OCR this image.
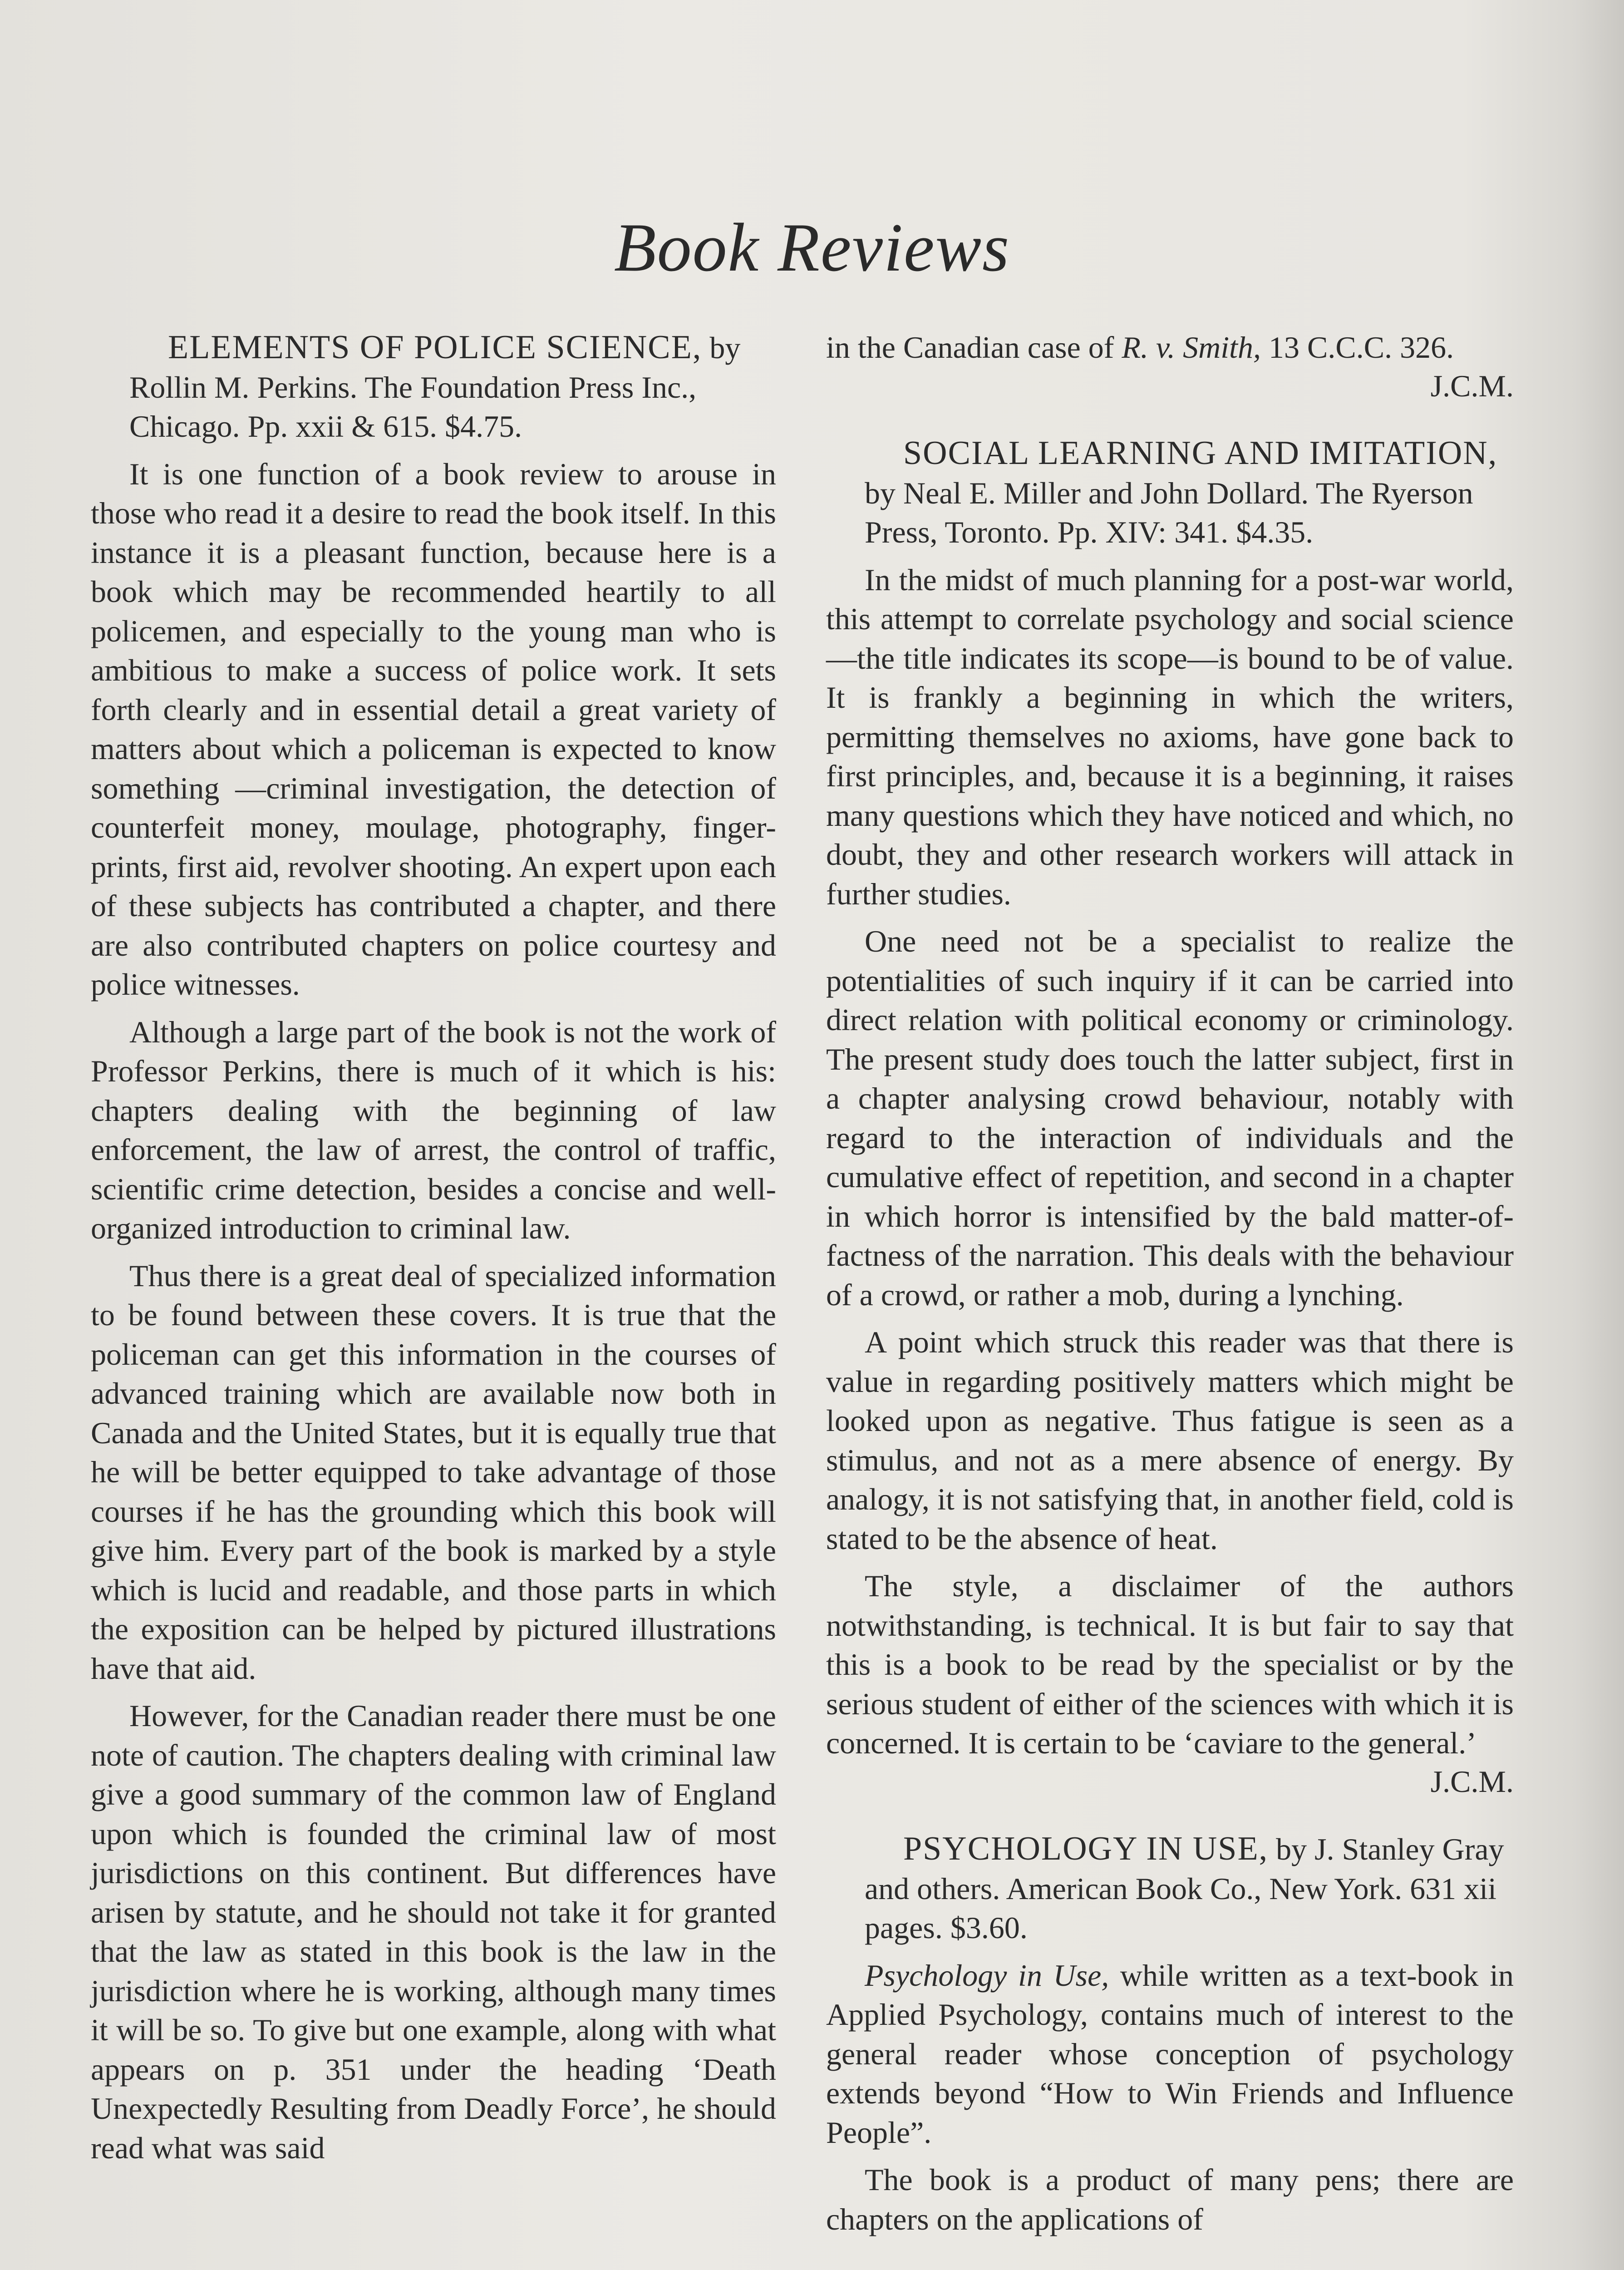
Book Reviews

ELEMENTS OF POLICE SCIENCE, by Rollin M. Perkins. The Foundation Press Inc., Chicago. Pp. xxii & 615. $4.75.

It is one function of a book review to arouse in those who read it a desire to read the book itself. In this instance it is a pleasant function, because here is a book which may be recommended heartily to all policemen, and especially to the young man who is ambitious to make a success of police work. It sets forth clearly and in essential detail a great variety of matters about which a policeman is expected to know something —criminal investigation, the detection of counterfeit money, moulage, photography, finger-prints, first aid, revolver shooting. An expert upon each of these subjects has contributed a chapter, and there are also contributed chapters on police courtesy and police witnesses.

Although a large part of the book is not the work of Professor Perkins, there is much of it which is his: chapters dealing with the beginning of law enforcement, the law of arrest, the control of traffic, scientific crime detection, besides a concise and well-organized introduction to criminal law.

Thus there is a great deal of specialized information to be found between these covers. It is true that the policeman can get this information in the courses of advanced training which are available now both in Canada and the United States, but it is equally true that he will be better equipped to take advantage of those courses if he has the grounding which this book will give him. Every part of the book is marked by a style which is lucid and readable, and those parts in which the exposition can be helped by pictured illustrations have that aid.

However, for the Canadian reader there must be one note of caution. The chapters dealing with criminal law give a good summary of the common law of England upon which is founded the criminal law of most jurisdictions on this continent. But differences have arisen by statute, and he should not take it for granted that the law as stated in this book is the law in the jurisdiction where he is working, although many times it will be so. To give but one example, along with what appears on p. 351 under the heading ‘Death Unexpectedly Resulting from Deadly Force’, he should read what was said

in the Canadian case of R. v. Smith, 13 C.C.C. 326.

J.C.M.

SOCIAL LEARNING AND IMITATION, by Neal E. Miller and John Dollard. The Ryerson Press, Toronto. Pp. XIV: 341. $4.35.

In the midst of much planning for a post-war world, this attempt to correlate psychology and social science—the title indicates its scope—is bound to be of value. It is frankly a beginning in which the writers, permitting themselves no axioms, have gone back to first principles, and, because it is a beginning, it raises many questions which they have noticed and which, no doubt, they and other research workers will attack in further studies.

One need not be a specialist to realize the potentialities of such inquiry if it can be carried into direct relation with political economy or criminology. The present study does touch the latter subject, first in a chapter analysing crowd behaviour, notably with regard to the interaction of individuals and the cumulative effect of repetition, and second in a chapter in which horror is intensified by the bald matter-of-factness of the narration. This deals with the behaviour of a crowd, or rather a mob, during a lynching.

A point which struck this reader was that there is value in regarding positively matters which might be looked upon as negative. Thus fatigue is seen as a stimulus, and not as a mere absence of energy. By analogy, it is not satisfying that, in another field, cold is stated to be the absence of heat.

The style, a disclaimer of the authors notwithstanding, is technical. It is but fair to say that this is a book to be read by the specialist or by the serious student of either of the sciences with which it is concerned. It is certain to be ‘caviare to the general.’

J.C.M.

PSYCHOLOGY IN USE, by J. Stanley Gray and others. American Book Co., New York. 631 xii pages. $3.60.

Psychology in Use, while written as a text-book in Applied Psychology, contains much of interest to the general reader whose conception of psychology extends beyond “How to Win Friends and Influence People”.

The book is a product of many pens; there are chapters on the applications of
